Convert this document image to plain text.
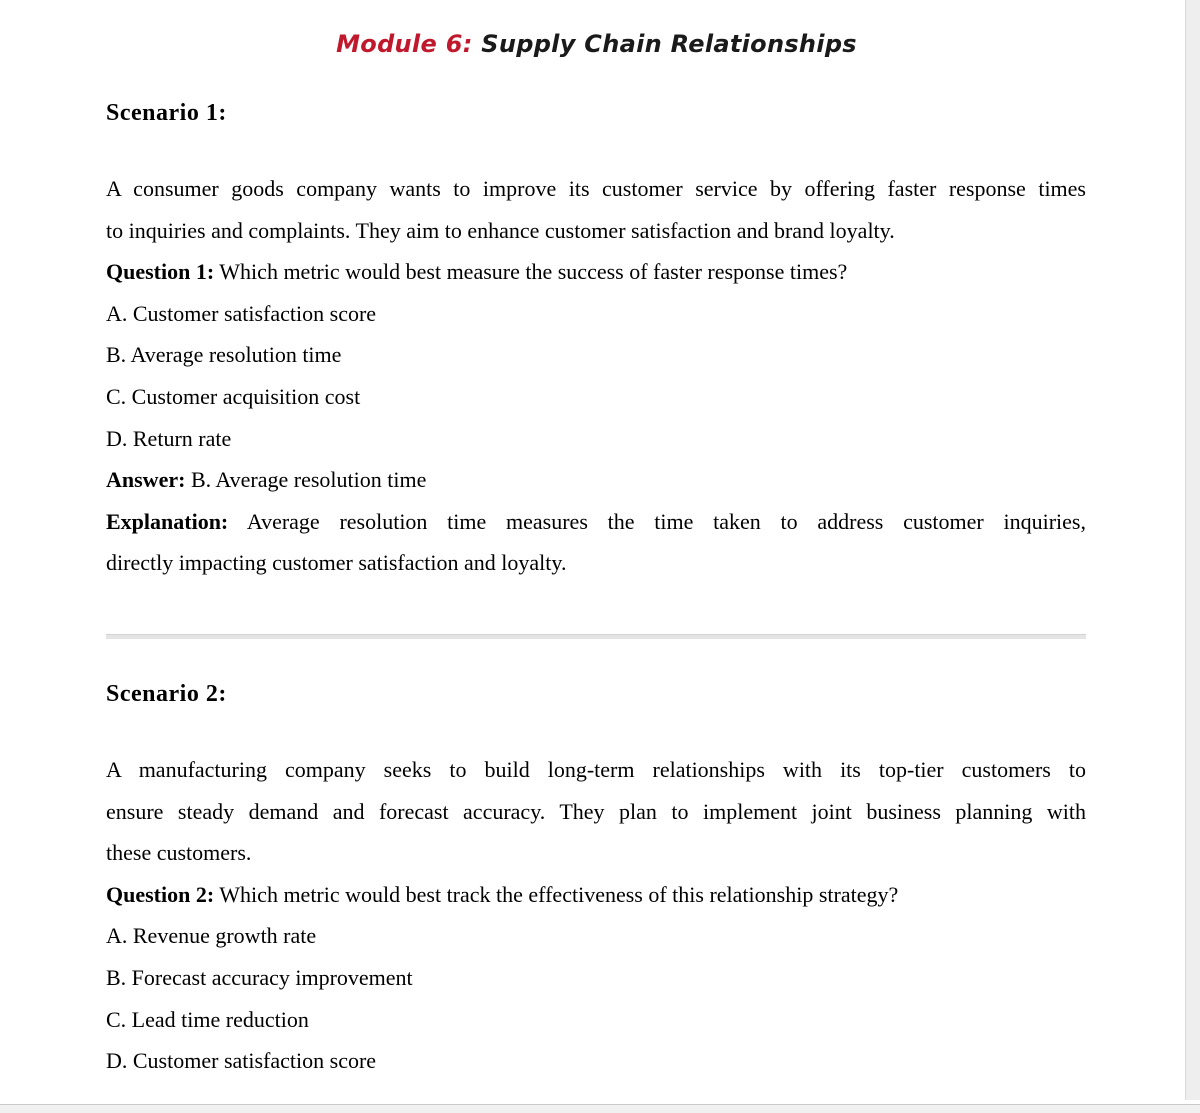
Module 6: Supply Chain Relationships
Scenario 1:
A consumer goods company wants to improve its customer service by offering faster response times
to inquiries and complaints. They aim to enhance customer satisfaction and brand loyalty.
Question 1: Which metric would best measure the success of faster response times?
A. Customer satisfaction score
B. Average resolution time
C. Customer acquisition cost
D. Return rate
Answer: B. Average resolution time
Explanation: Average resolution time measures the time taken to address customer inquiries,
directly impacting customer satisfaction and loyalty.
Scenario 2:
A manufacturing company seeks to build long-term relationships with its top-tier customers to
ensure steady demand and forecast accuracy. They plan to implement joint business planning with
these customers.
Question 2: Which metric would best track the effectiveness of this relationship strategy?
A. Revenue growth rate
B. Forecast accuracy improvement
C. Lead time reduction
D. Customer satisfaction score
